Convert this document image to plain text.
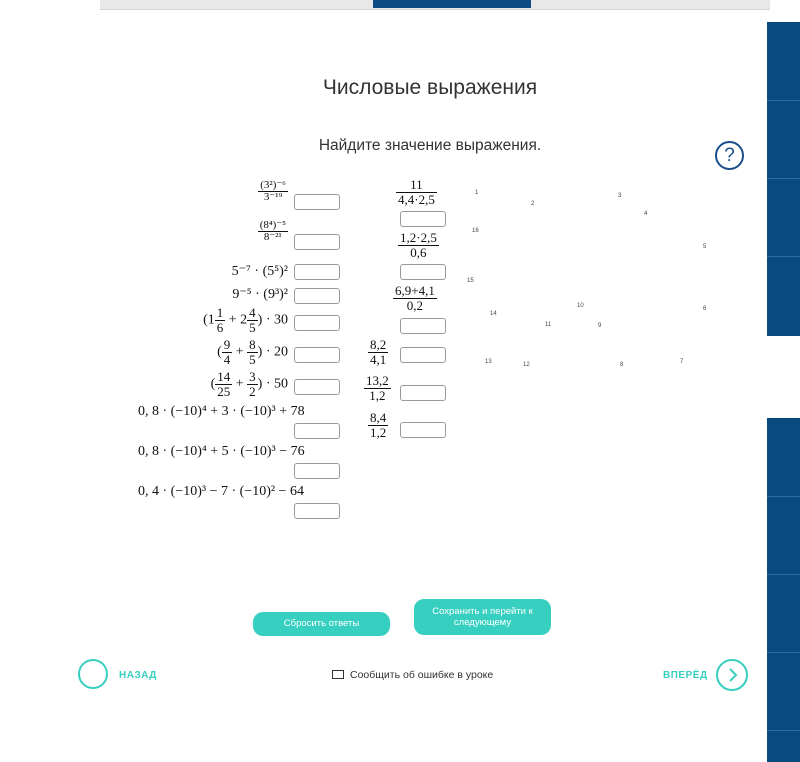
Числовые выражения
Найдите значение выражения.	?
$\frac{\text{(3²)⁻⁶}}{\text{3⁻¹⁹}}$
$\frac{\text{(8⁴)⁻⁵}}{\text{8⁻²¹}}$
5⁻⁷ · (5⁵)²
9⁻⁵ · (9³)²
($1 \frac{1}{6} + 2 \frac{4}{5}$ ) · 30
( $\frac{9}{4} + \frac{8}{5}$ ) · 20
( $\frac{14}{25} + \frac{3}{2}$ ) · 50
0, 8 · (−10)⁴ + 3 · (−10)³ + 78
0, 8 · (−10)⁴ + 5 · (−10)³ − 76
0, 4 · (−10)³ − 7 · (−10)² − 64
$\frac{11}{4,4\cdot 2,5}$
$\frac{1,2\cdot 2,5}{0,6}$
$\frac{6,9+4,1}{0,2}$
$\frac{8,2}{4,1}$
$\frac{13,2}{1,2}$
$\frac{8,4}{1,2}$
1
2
3
4
5
6
7
8
9
10
11
12
13
14
15
16
Сбросить ответы
Сохранить и перейти к
следующему
НАЗАД	Сообщить об ошибке в уроке	ВПЕРЁД
